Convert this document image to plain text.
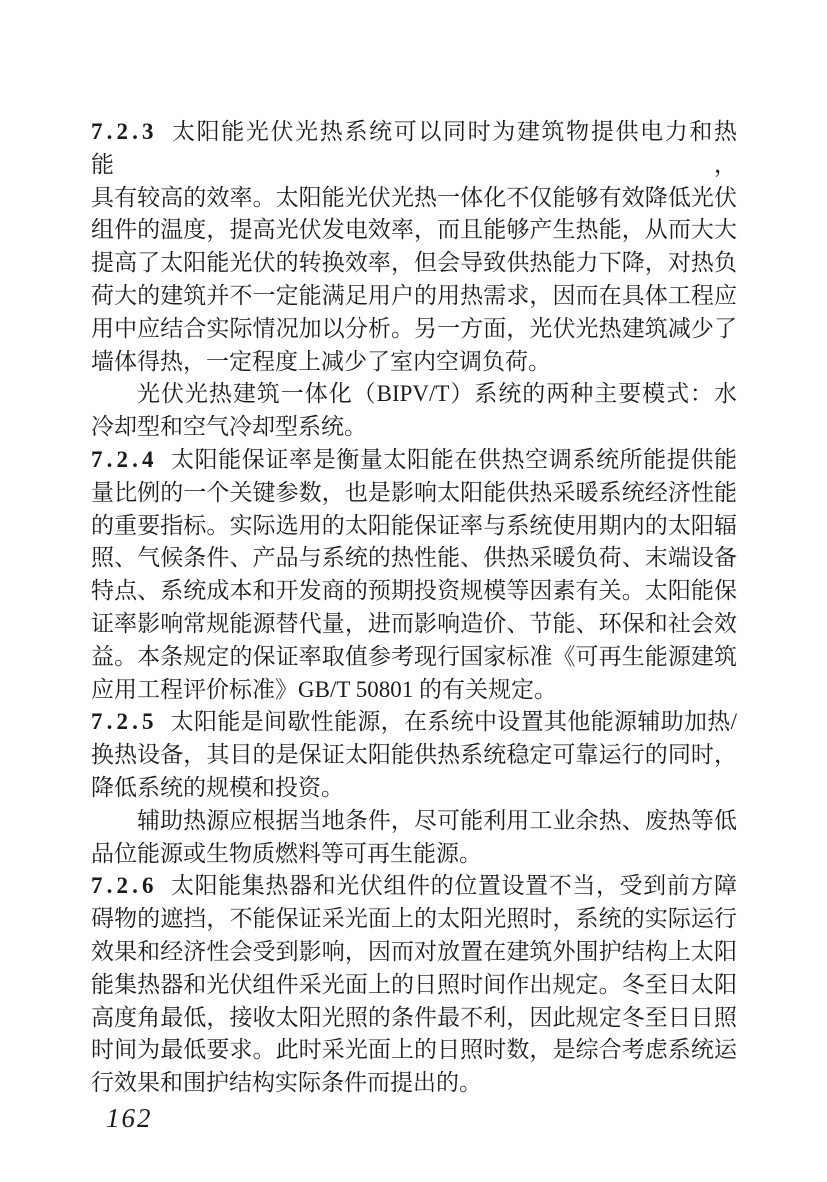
7.2.3 太阳能光伏光热系统可以同时为建筑物提供电力和热能，
具有较高的效率。太阳能光伏光热一体化不仅能够有效降低光伏
组件的温度，提高光伏发电效率，而且能够产生热能，从而大大
提高了太阳能光伏的转换效率，但会导致供热能力下降，对热负
荷大的建筑并不一定能满足用户的用热需求，因而在具体工程应
用中应结合实际情况加以分析。另一方面，光伏光热建筑减少了
墙体得热，一定程度上减少了室内空调负荷。
光伏光热建筑一体化（BIPV/T）系统的两种主要模式：水
冷却型和空气冷却型系统。
7.2.4 太阳能保证率是衡量太阳能在供热空调系统所能提供能
量比例的一个关键参数，也是影响太阳能供热采暖系统经济性能
的重要指标。实际选用的太阳能保证率与系统使用期内的太阳辐
照、气候条件、产品与系统的热性能、供热采暖负荷、末端设备
特点、系统成本和开发商的预期投资规模等因素有关。太阳能保
证率影响常规能源替代量，进而影响造价、节能、环保和社会效
益。本条规定的保证率取值参考现行国家标准《可再生能源建筑
应用工程评价标准》GB/T 50801 的有关规定。
7.2.5 太阳能是间歇性能源，在系统中设置其他能源辅助加热/
换热设备，其目的是保证太阳能供热系统稳定可靠运行的同时，
降低系统的规模和投资。
辅助热源应根据当地条件，尽可能利用工业余热、废热等低
品位能源或生物质燃料等可再生能源。
7.2.6 太阳能集热器和光伏组件的位置设置不当，受到前方障
碍物的遮挡，不能保证采光面上的太阳光照时，系统的实际运行
效果和经济性会受到影响，因而对放置在建筑外围护结构上太阳
能集热器和光伏组件采光面上的日照时间作出规定。冬至日太阳
高度角最低，接收太阳光照的条件最不利，因此规定冬至日日照
时间为最低要求。此时采光面上的日照时数，是综合考虑系统运
行效果和围护结构实际条件而提出的。
162
